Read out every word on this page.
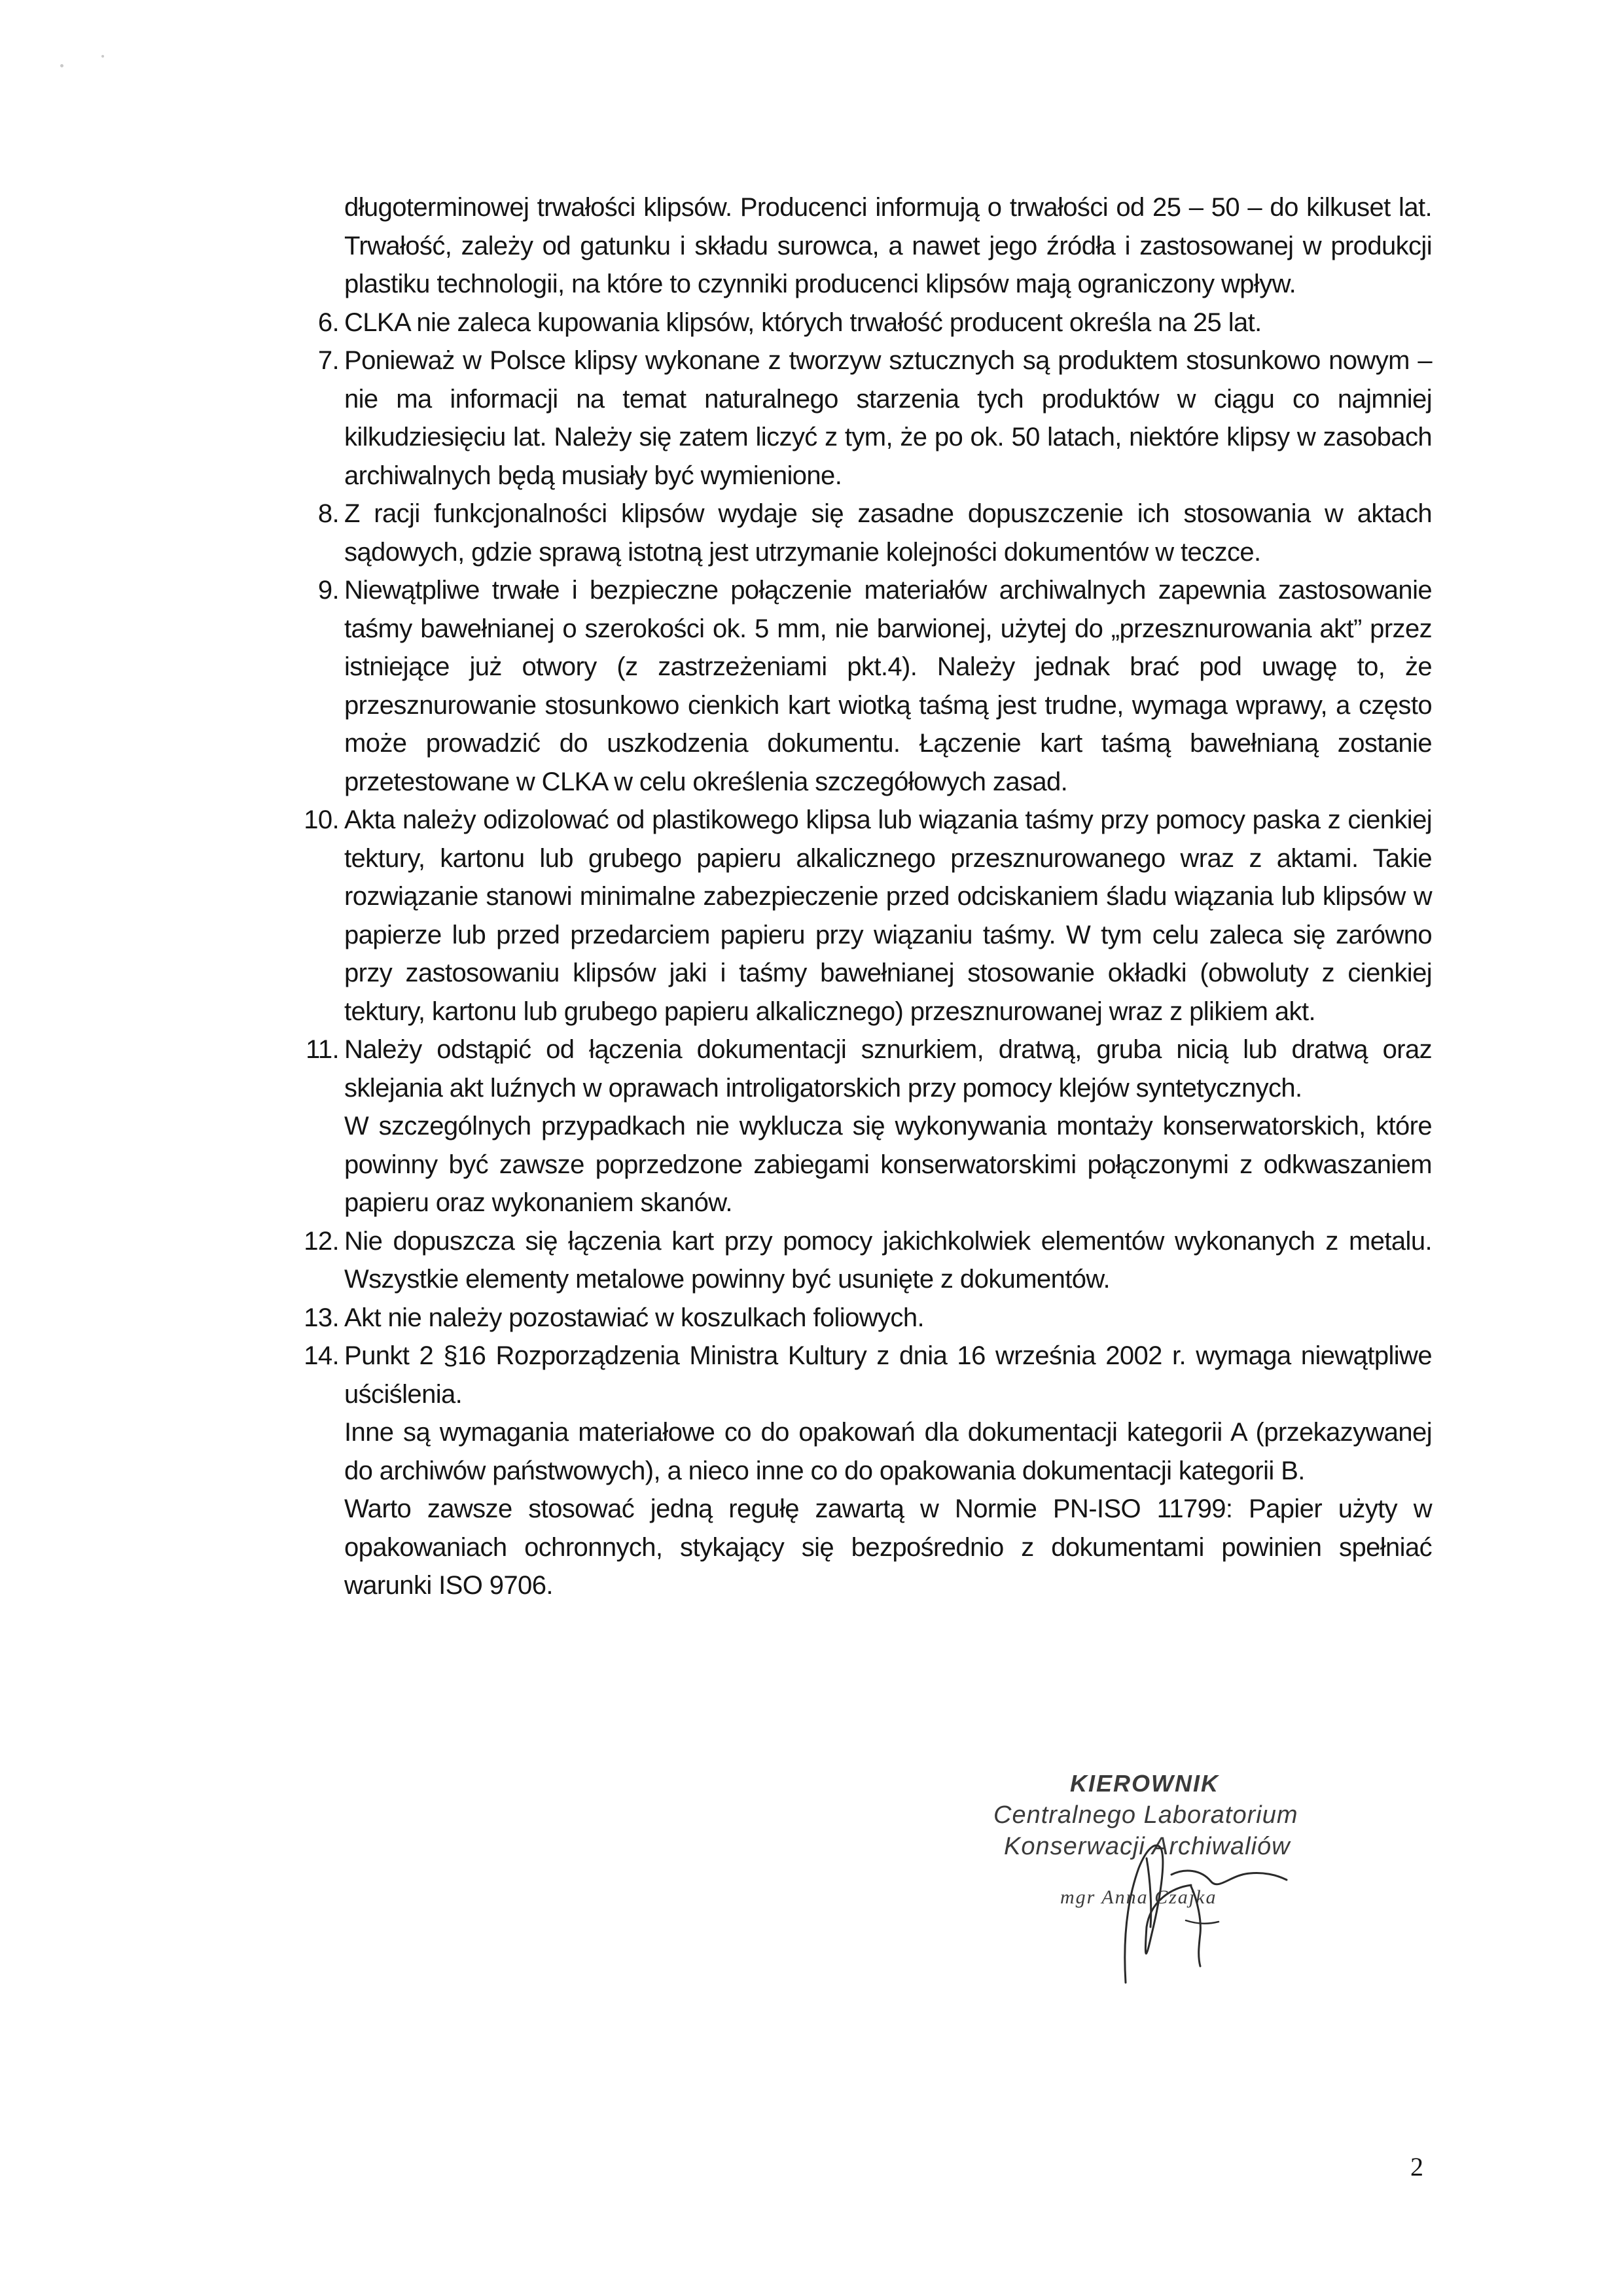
długoterminowej trwałości klipsów. Producenci informują o trwałości od 25 – 50 – do kilkuset lat. Trwałość, zależy od gatunku i składu surowca, a nawet jego źródła i zastosowanej w produkcji plastiku technologii, na które to czynniki producenci klipsów mają ograniczony wpływ.

6. CLKA nie zaleca kupowania klipsów, których trwałość producent określa na 25 lat.

7. Ponieważ w Polsce klipsy wykonane z tworzyw sztucznych są produktem stosunkowo nowym – nie ma informacji na temat naturalnego starzenia tych produktów w ciągu co najmniej kilkudziesięciu lat. Należy się zatem liczyć z tym, że po ok. 50 latach, niektóre klipsy w zasobach archiwalnych będą musiały być wymienione.

8. Z racji funkcjonalności klipsów wydaje się zasadne dopuszczenie ich stosowania w aktach sądowych, gdzie sprawą istotną jest utrzymanie kolejności dokumentów w teczce.

9. Niewątpliwe trwałe i bezpieczne połączenie materiałów archiwalnych zapewnia zastosowanie taśmy bawełnianej o szerokości ok. 5 mm, nie barwionej, użytej do „przesznurowania akt” przez istniejące już otwory (z zastrzeżeniami pkt.4). Należy jednak brać pod uwagę to, że przesznurowanie stosunkowo cienkich kart wiotką taśmą jest trudne, wymaga wprawy, a często może prowadzić do uszkodzenia dokumentu. Łączenie kart taśmą bawełnianą zostanie przetestowane w CLKA w celu określenia szczegółowych zasad.

10. Akta należy odizolować od plastikowego klipsa lub wiązania taśmy przy pomocy paska z cienkiej tektury, kartonu lub grubego papieru alkalicznego przesznurowanego wraz z aktami. Takie rozwiązanie stanowi minimalne zabezpieczenie przed odciskaniem śladu wiązania lub klipsów w papierze lub przed przedarciem papieru przy wiązaniu taśmy. W tym celu zaleca się zarówno przy zastosowaniu klipsów jaki i taśmy bawełnianej stosowanie okładki (obwoluty z cienkiej tektury, kartonu lub grubego papieru alkalicznego) przesznurowanej wraz z plikiem akt.

11. Należy odstąpić od łączenia dokumentacji sznurkiem, dratwą, gruba nicią lub dratwą oraz sklejania akt luźnych w oprawach introligatorskich przy pomocy klejów syntetycznych.

W szczególnych przypadkach nie wyklucza się wykonywania montaży konserwatorskich, które powinny być zawsze poprzedzone zabiegami konserwatorskimi połączonymi z odkwaszaniem papieru oraz wykonaniem skanów.

12. Nie dopuszcza się łączenia kart przy pomocy jakichkolwiek elementów wykonanych z metalu. Wszystkie elementy metalowe powinny być usunięte z dokumentów.

13. Akt nie należy pozostawiać w koszulkach foliowych.

14. Punkt 2 §16 Rozporządzenia Ministra Kultury z dnia 16 września 2002 r. wymaga niewątpliwe uściślenia.

Inne są wymagania materiałowe co do opakowań dla dokumentacji kategorii A (przekazywanej do archiwów państwowych), a nieco inne co do opakowania dokumentacji kategorii B.

Warto zawsze stosować jedną regułę zawartą w Normie PN-ISO 11799: Papier użyty w opakowaniach ochronnych, stykający się bezpośrednio z dokumentami powinien spełniać warunki ISO 9706.

KIEROWNIK
Centralnego Laboratorium
Konserwacji Archiwaliów
mgr Anna Czajka
2
